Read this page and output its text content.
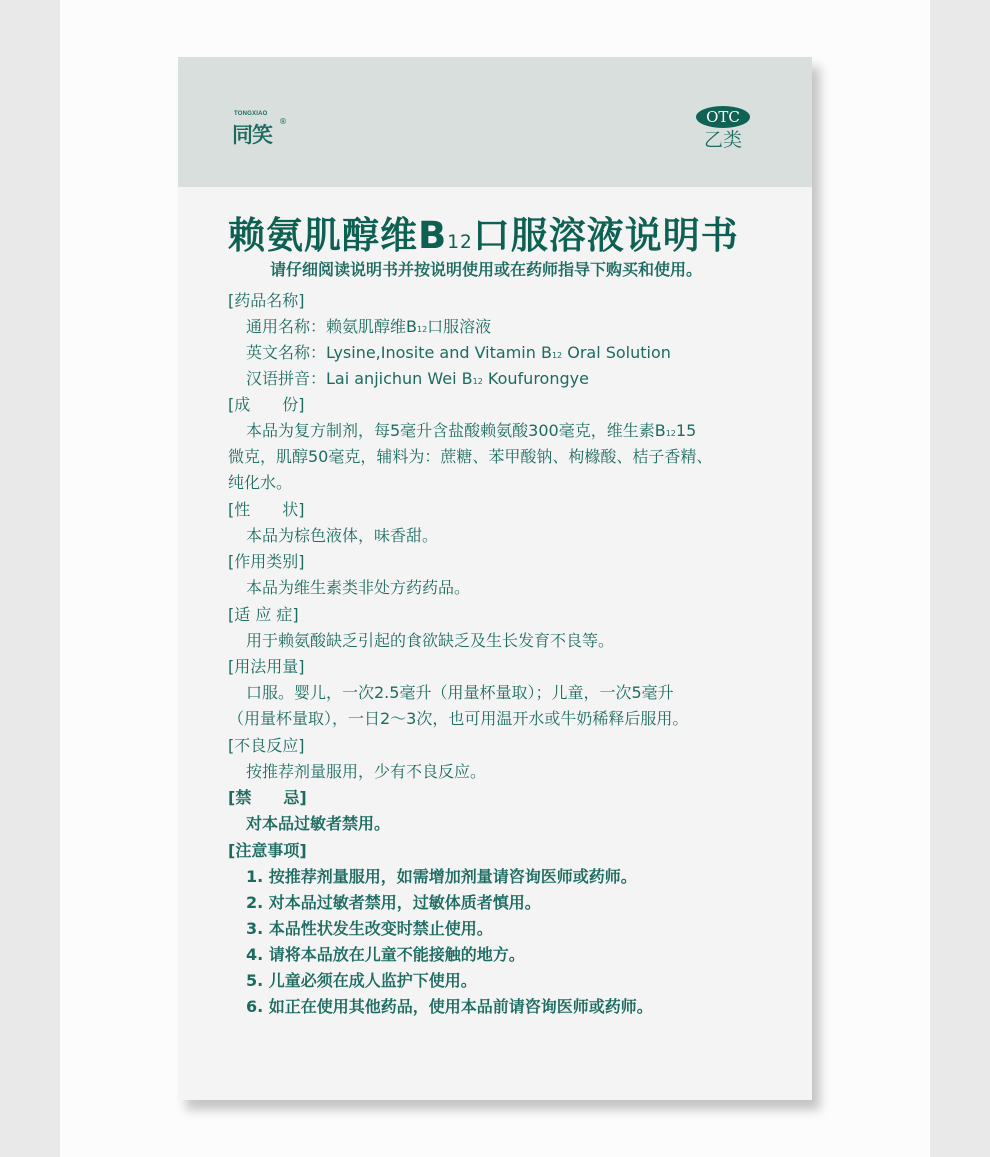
TONGXIAO
同笑
®	OTC
乙类
赖氨肌醇维B12口服溶液说明书
请仔细阅读说明书并按说明使用或在药师指导下购买和使用。
[药品名称]
通用名称：赖氨肌醇维B12口服溶液
英文名称：Lysine,Inosite and Vitamin B12 Oral Solution
汉语拼音：Lai anjichun Wei B12 Koufurongye
[成　　份]
本品为复方制剂，每5毫升含盐酸赖氨酸300毫克，维生素B1215
微克，肌醇50毫克，辅料为：蔗糖、苯甲酸钠、枸橼酸、桔子香精、
纯化水。
[性　　状]
本品为棕色液体，味香甜。
[作用类别]
本品为维生素类非处方药药品。
[适 应 症]
用于赖氨酸缺乏引起的食欲缺乏及生长发育不良等。
[用法用量]
口服。婴儿，一次2.5毫升（用量杯量取）；儿童，一次5毫升
（用量杯量取），一日2～3次，也可用温开水或牛奶稀释后服用。
[不良反应]
按推荐剂量服用，少有不良反应。
[禁　　忌]
对本品过敏者禁用。
[注意事项]
1. 按推荐剂量服用，如需增加剂量请咨询医师或药师。
2. 对本品过敏者禁用，过敏体质者慎用。
3. 本品性状发生改变时禁止使用。
4. 请将本品放在儿童不能接触的地方。
5. 儿童必须在成人监护下使用。
6. 如正在使用其他药品，使用本品前请咨询医师或药师。
